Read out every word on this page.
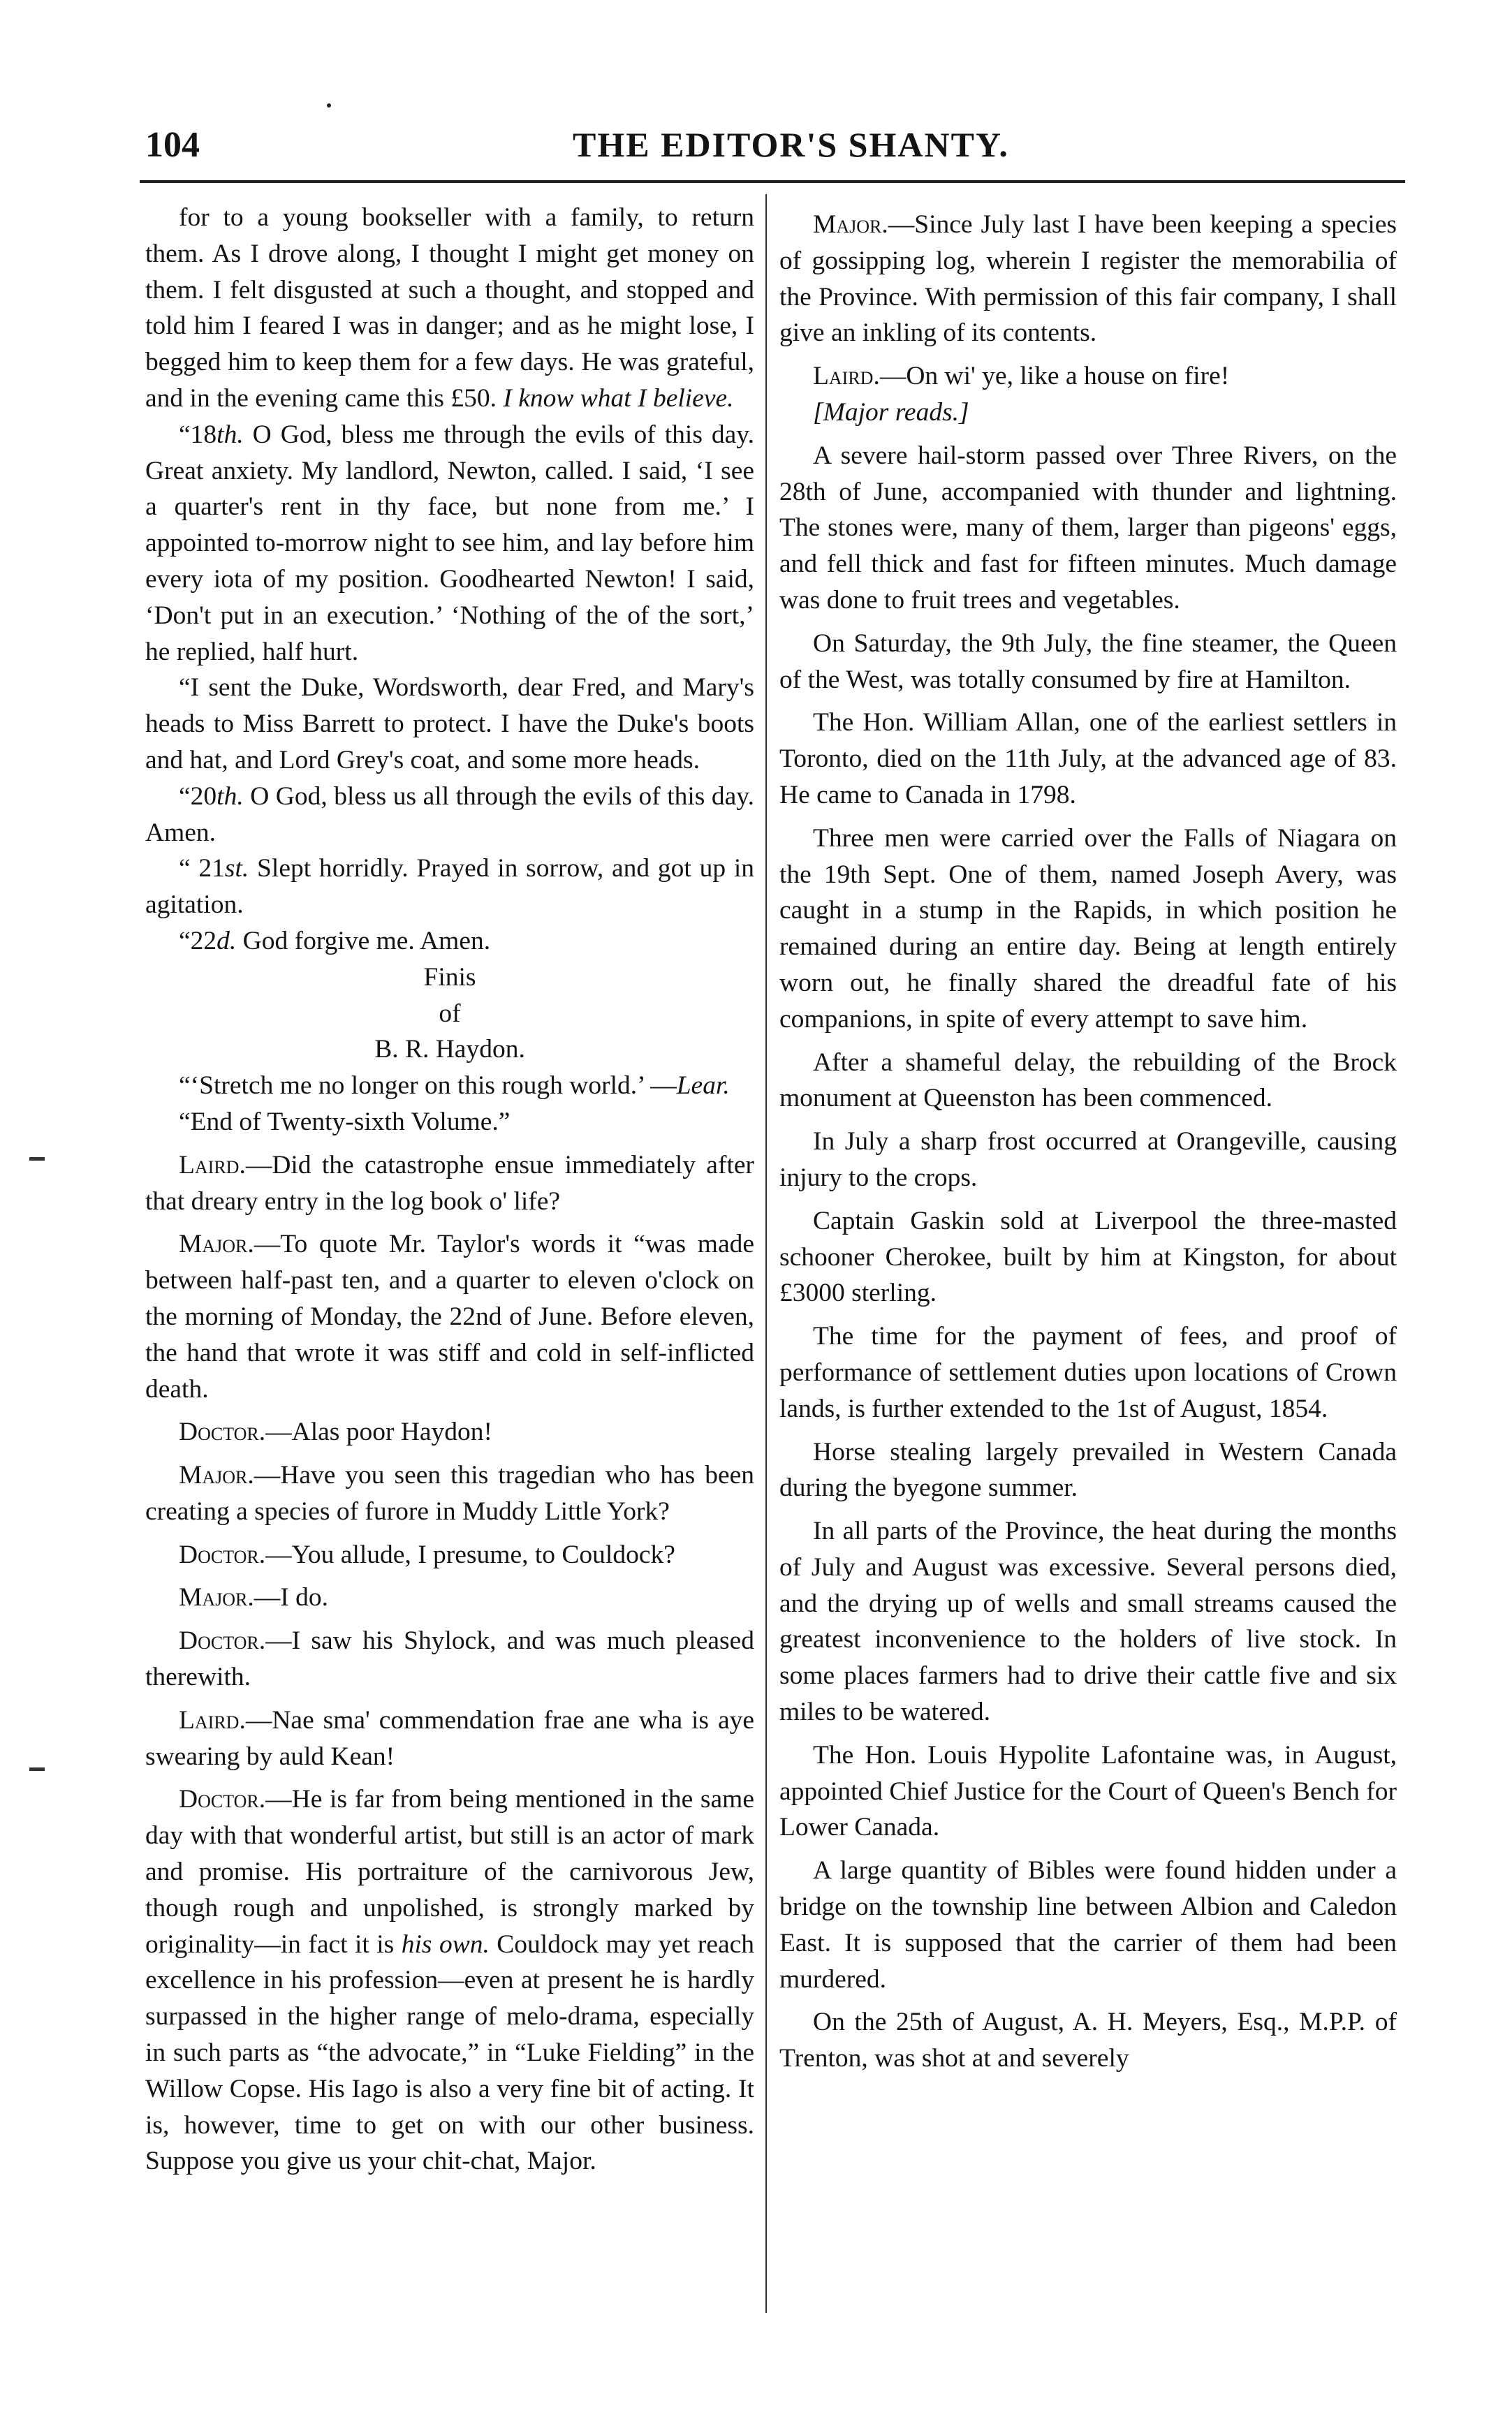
104	THE EDITOR'S SHANTY.

for to a young bookseller with a family, to return them. As I drove along, I thought I might get money on them. I felt disgusted at such a thought, and stopped and told him I feared I was in danger; and as he might lose, I begged him to keep them for a few days. He was grateful, and in the evening came this £50. I know what I believe.

“18th. O God, bless me through the evils of this day. Great anxiety. My landlord, Newton, called. I said, ‘I see a quarter's rent in thy face, but none from me.’ I appointed to-morrow night to see him, and lay before him every iota of my position. Goodhearted Newton! I said, ‘Don't put in an execution.’ ‘Nothing of the of the sort,’ he replied, half hurt.

“I sent the Duke, Wordsworth, dear Fred, and Mary's heads to Miss Barrett to protect. I have the Duke's boots and hat, and Lord Grey's coat, and some more heads.

“20th. O God, bless us all through the evils of this day. Amen.

“ 21st. Slept horridly. Prayed in sorrow, and got up in agitation.

“22d. God forgive me. Amen.

Finis

of

B. R. Haydon.

“‘Stretch me no longer on this rough world.’ —Lear.

“End of Twenty-sixth Volume.”

Laird.—Did the catastrophe ensue immediately after that dreary entry in the log book o' life?

Major.—To quote Mr. Taylor's words it “was made between half-past ten, and a quarter to eleven o'clock on the morning of Monday, the 22nd of June. Before eleven, the hand that wrote it was stiff and cold in self-inflicted death.

Doctor.—Alas poor Haydon!

Major.—Have you seen this tragedian who has been creating a species of furore in Muddy Little York?

Doctor.—You allude, I presume, to Couldock?

Major.—I do.

Doctor.—I saw his Shylock, and was much pleased therewith.

Laird.—Nae sma' commendation frae ane wha is aye swearing by auld Kean!

Doctor.—He is far from being mentioned in the same day with that wonderful artist, but still is an actor of mark and promise. His portraiture of the carnivorous Jew, though rough and unpolished, is strongly marked by originality—in fact it is his own. Couldock may yet reach excellence in his profession—even at present he is hardly surpassed in the higher range of melo-drama, especially in such parts as “the advocate,” in “Luke Fielding” in the Willow Copse. His Iago is also a very fine bit of acting. It is, however, time to get on with our other business. Suppose you give us your chit-chat, Major.

Major.—Since July last I have been keeping a species of gossipping log, wherein I register the memorabilia of the Province. With permission of this fair company, I shall give an inkling of its contents.

Laird.—On wi' ye, like a house on fire!

[Major reads.]

A severe hail-storm passed over Three Rivers, on the 28th of June, accompanied with thunder and lightning. The stones were, many of them, larger than pigeons' eggs, and fell thick and fast for fifteen minutes. Much damage was done to fruit trees and vegetables.

On Saturday, the 9th July, the fine steamer, the Queen of the West, was totally consumed by fire at Hamilton.

The Hon. William Allan, one of the earliest settlers in Toronto, died on the 11th July, at the advanced age of 83. He came to Canada in 1798.

Three men were carried over the Falls of Niagara on the 19th Sept. One of them, named Joseph Avery, was caught in a stump in the Rapids, in which position he remained during an entire day. Being at length entirely worn out, he finally shared the dreadful fate of his companions, in spite of every attempt to save him.

After a shameful delay, the rebuilding of the Brock monument at Queenston has been commenced.

In July a sharp frost occurred at Orangeville, causing injury to the crops.

Captain Gaskin sold at Liverpool the three-masted schooner Cherokee, built by him at Kingston, for about £3000 sterling.

The time for the payment of fees, and proof of performance of settlement duties upon locations of Crown lands, is further extended to the 1st of August, 1854.

Horse stealing largely prevailed in Western Canada during the byegone summer.

In all parts of the Province, the heat during the months of July and August was excessive. Several persons died, and the drying up of wells and small streams caused the greatest inconvenience to the holders of live stock. In some places farmers had to drive their cattle five and six miles to be watered.

The Hon. Louis Hypolite Lafontaine was, in August, appointed Chief Justice for the Court of Queen's Bench for Lower Canada.

A large quantity of Bibles were found hidden under a bridge on the township line between Albion and Caledon East. It is supposed that the carrier of them had been murdered.

On the 25th of August, A. H. Meyers, Esq., M.P.P. of Trenton, was shot at and severely
